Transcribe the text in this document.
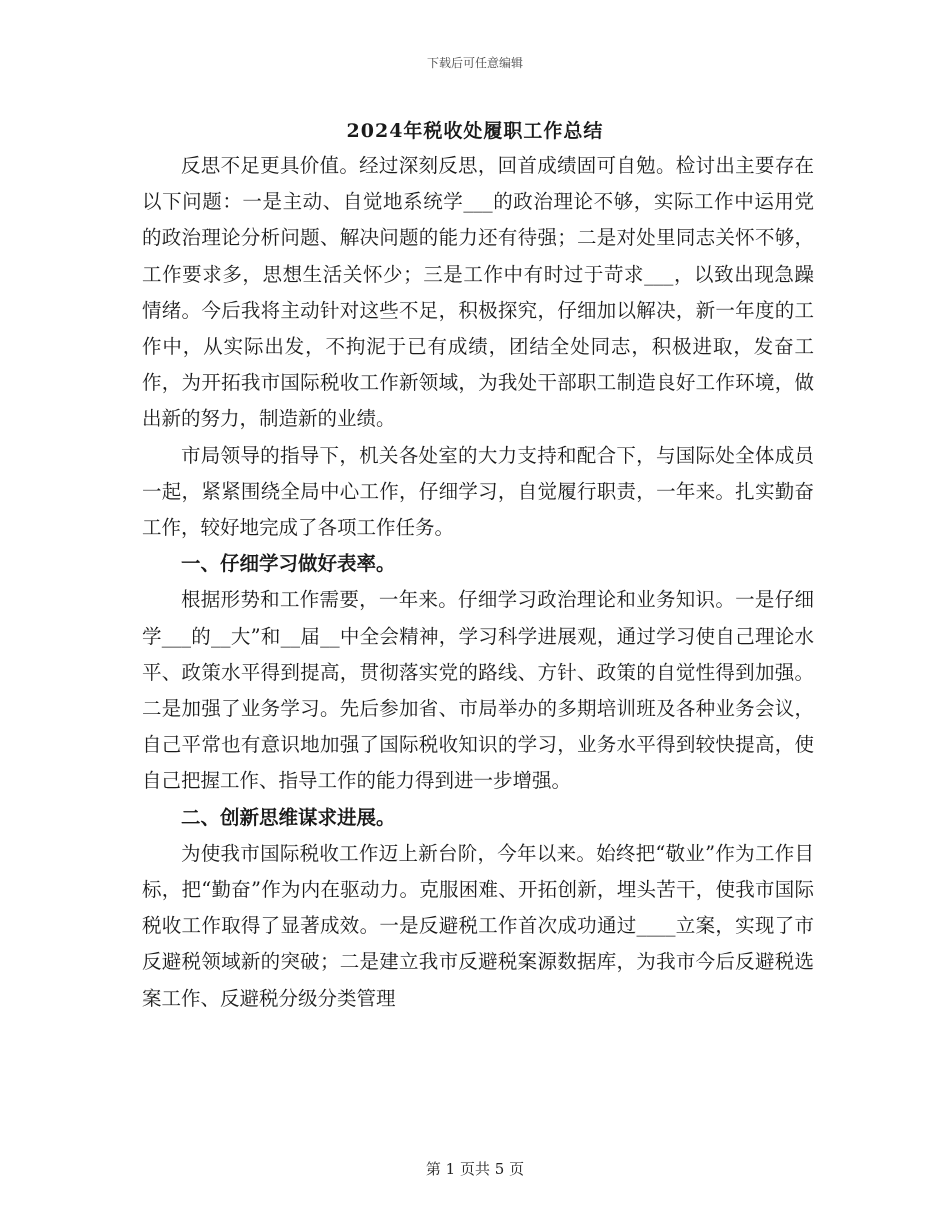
下载后可任意编辑
2024年税收处履职工作总结

反思不足更具价值。经过深刻反思，回首成绩固可自勉。检讨出主要存在以下问题：一是主动、自觉地系统学___的政治理论不够，实际工作中运用党的政治理论分析问题、解决问题的能力还有待强；二是对处里同志关怀不够，工作要求多，思想生活关怀少；三是工作中有时过于苛求___，以致出现急躁情绪。今后我将主动针对这些不足，积极探究，仔细加以解决，新一年度的工作中，从实际出发，不拘泥于已有成绩，团结全处同志，积极进取，发奋工作，为开拓我市国际税收工作新领域，为我处干部职工制造良好工作环境，做出新的努力，制造新的业绩。

市局领导的指导下，机关各处室的大力支持和配合下，与国际处全体成员一起，紧紧围绕全局中心工作，仔细学习，自觉履行职责，一年来。扎实勤奋工作，较好地完成了各项工作任务。

一、仔细学习做好表率。

根据形势和工作需要，一年来。仔细学习政治理论和业务知识。一是仔细学___的__大”和__届__中全会精神，学习科学进展观，通过学习使自己理论水平、政策水平得到提高，贯彻落实党的路线、方针、政策的自觉性得到加强。二是加强了业务学习。先后参加省、市局举办的多期培训班及各种业务会议，自己平常也有意识地加强了国际税收知识的学习，业务水平得到较快提高，使自己把握工作、指导工作的能力得到进一步增强。

二、创新思维谋求进展。

为使我市国际税收工作迈上新台阶，今年以来。始终把“敬业”作为工作目标，把“勤奋”作为内在驱动力。克服困难、开拓创新，埋头苦干，使我市国际税收工作取得了显著成效。一是反避税工作首次成功通过____立案，实现了市反避税领域新的突破；二是建立我市反避税案源数据库，为我市今后反避税选案工作、反避税分级分类管理

第 1 页共 5 页
